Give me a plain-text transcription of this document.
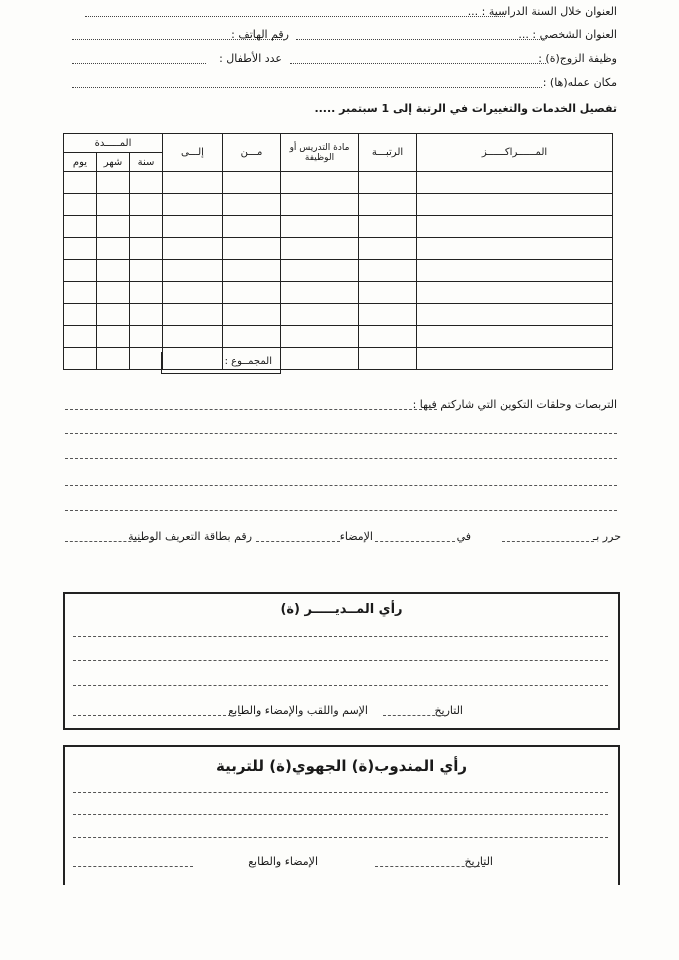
العنوان خلال السنة الدراسية : ...
العنوان الشخصي : ...
رقم الهاتف :
وظيفة الزوج(ة) :
عدد الأطفال :
مكان عمله(ها) :
تفصيل الخدمات والتغييرات في الرتبة إلى 1 سبتمبر .....
المــــــراكــــــز	الرتبـــة	مادة التدريس أو الوظيفة	مـــن	إلـــى	المـــــدة		
					سنة	شهر	يوم

المجمــوع :
التربصات وحلقات التكوين التي شاركتم فيها :
حرر بـ
في
الإمضاء
رقم بطاقة التعريف الوطنية
رأي المــديـــــر (ة)
التاريخ
الإسم واللقب والإمضاء والطابع
رأي المندوب(ة) الجهوي(ة) للتربية
التاريخ
الإمضاء والطابع
